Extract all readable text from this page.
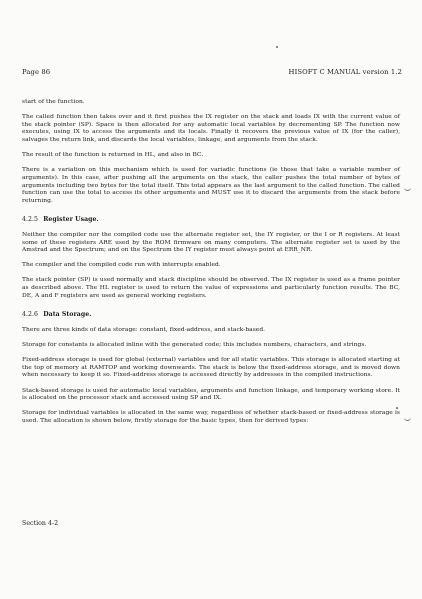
Page 86	HISOFT C MANUAL version 1.2

start of the function.

The called function then takes over and it first pushes the IX register on the stack and loads IX with the current value of the stack pointer (SP). Space is then allocated for any automatic local variables by decrementing SP. The function now executes, using IX to access the arguments and its locals. Finally it recovers the previous value of IX (for the caller), salvages the return link, and discards the local variables, linkage, and arguments from the stack.

The result of the function is returned in HL, and also in BC.

There is a variation on this mechanism which is used for variadic functions (ie those that take a variable number of arguments). In this case, after pushing all the arguments on the stack, the caller pushes the total number of bytes of arguments including two bytes for the total itself. This total appears as the last argument to the called function. The called function can use the total to access its other arguments and MUST use it to discard the arguments from the stack before returning.

4.2.5 Register Usage.

Neither the compiler nor the compiled code use the alternate register set, the IY register, or the I or R registers. At least some of these registers ARE used by the ROM firmware on many computers. The alternate register set is used by the Amstrad and the Spectrum; and on the Spectrum the IY register must always point at ERR_NR.

The compiler and the compiled code run with interrupts enabled.

The stack pointer (SP) is used normally and stack discipline should be observed. The IX register is used as a frame pointer as described above. The HL register is used to return the value of expressions and particularly function results. The BC, DE, A and F registers are used as general working registers.

4.2.6 Data Storage.

There are three kinds of data storage: constant, fixed-address, and stack-based.

Storage for constants is allocated inline with the generated code; this includes numbers, characters, and strings.

Fixed-address storage is used for global (external) variables and for all static variables. This storage is allocated starting at the top of memory at RAMTOP and working downwards. The stack is below the fixed-address storage, and is moved down when necessary to keep it so. Fixed-address storage is accessed directly by addresses in the compiled instructions.

Stack-based storage is used for automatic local variables, arguments and function linkage, and temporary working store. It is allocated on the processor stack and accessed using SP and IX.

Storage for individual variables is allocated in the same way, regardless of whether stack-based or fixed-address storage is used. The allocation is shown below, firstly storage for the basic types, then for derived types:

Section 4-2
